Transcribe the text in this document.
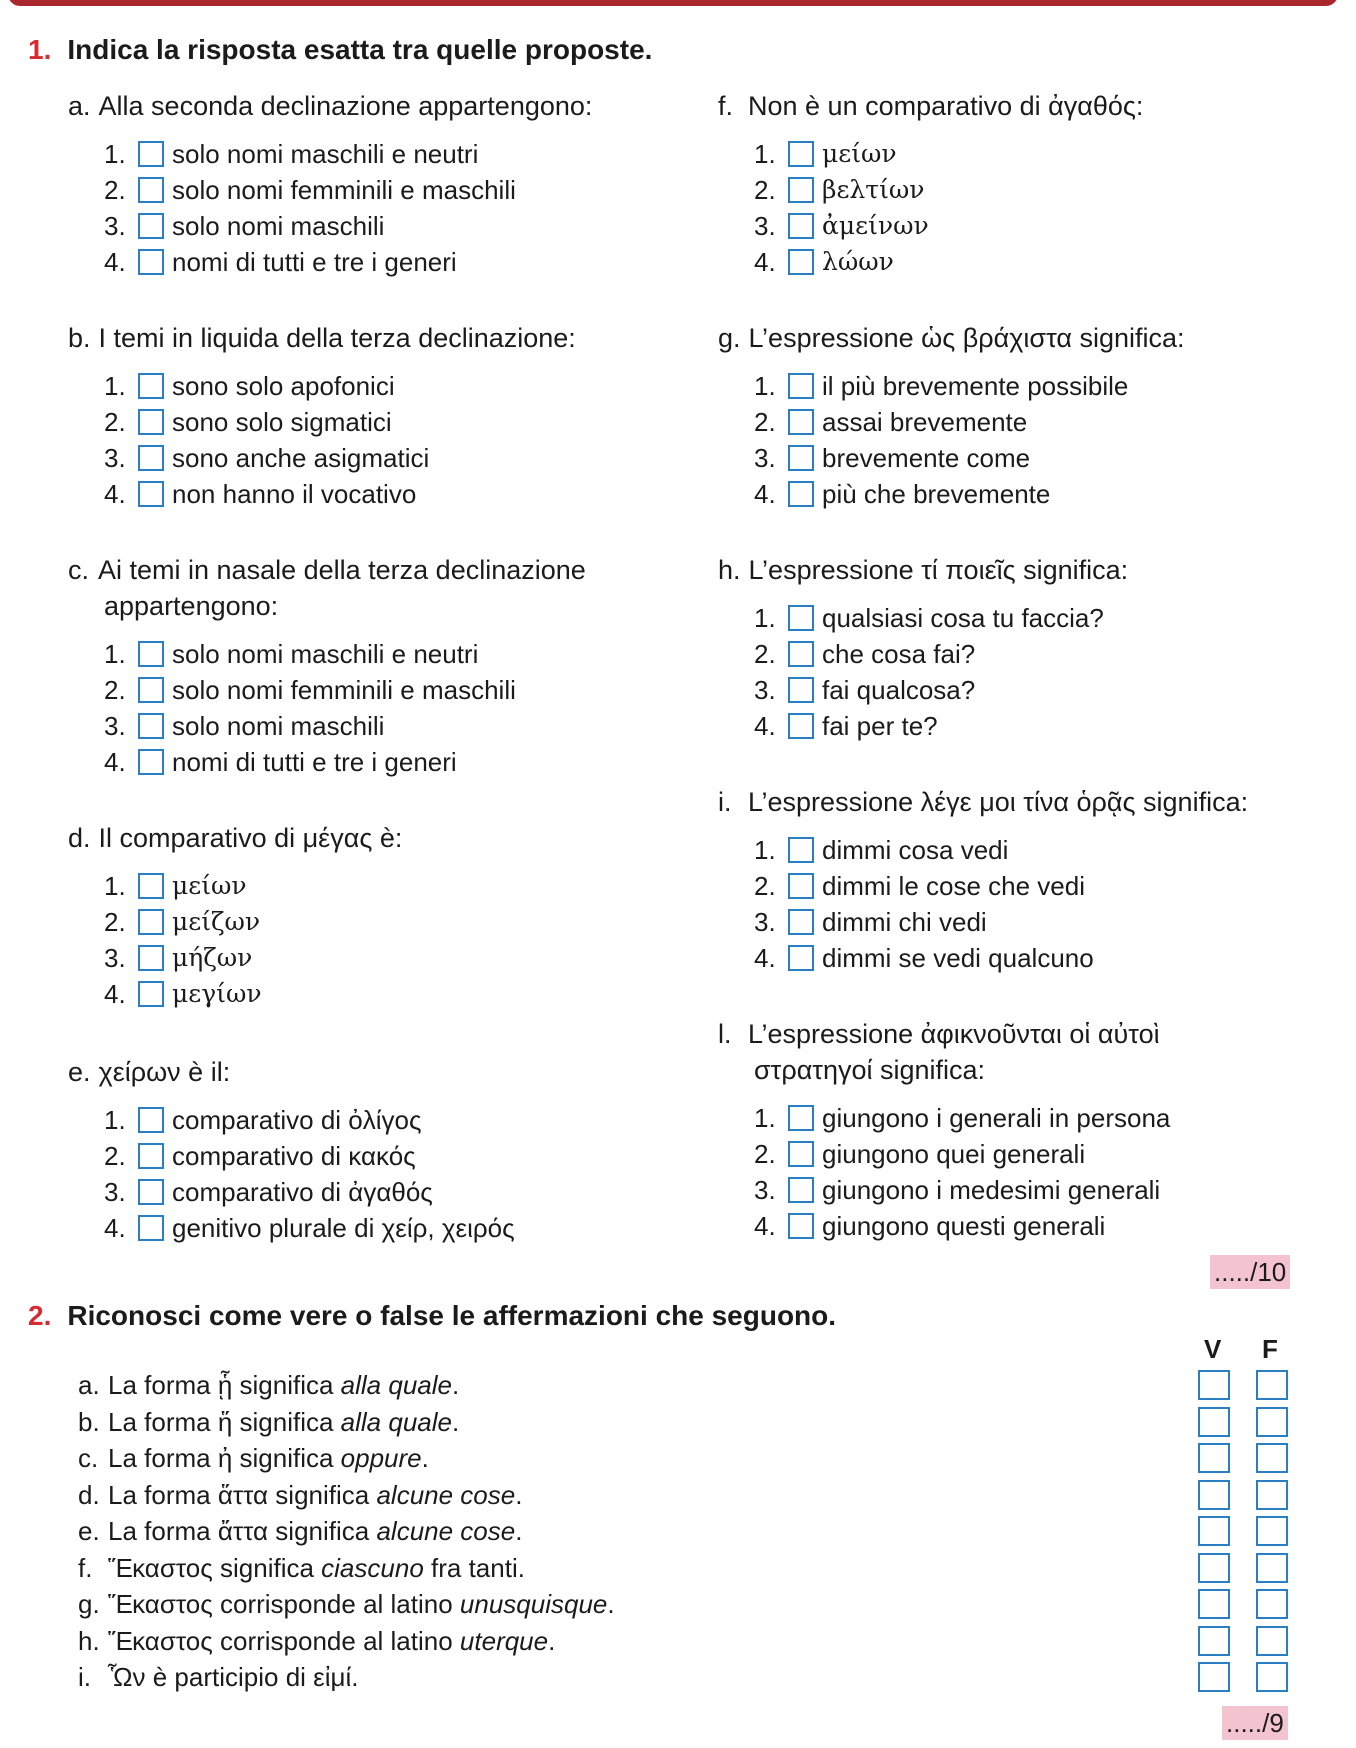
1. Indica la risposta esatta tra quelle proposte.
a. Alla seconda declinazione appartengono:
1.	solo nomi maschili e neutri
2.	solo nomi femminili e maschili
3.	solo nomi maschili
4.	nomi di tutti e tre i generi
b. I temi in liquida della terza declinazione:
1.	sono solo apofonici
2.	sono solo sigmatici
3.	sono anche asigmatici
4.	non hanno il vocativo
c. Ai temi in nasale della terza declinazione
appartengono:
1.	solo nomi maschili e neutri
2.	solo nomi femminili e maschili
3.	solo nomi maschili
4.	nomi di tutti e tre i generi
d. Il comparativo di μέγας è:
1.	μείων
2.	μείζων
3.	μήζων
4.	μεγίων
e. χείρων è il:
1.	comparativo di ὀλίγος
2.	comparativo di κακός
3.	comparativo di ἀγαθός
4.	genitivo plurale di χείρ, χειρός
f. Non è un comparativo di ἀγαθός:
1.	μείων
2.	βελτίων
3.	ἀμείνων
4.	λώων
g. L’espressione ὡς βράχιστα significa:
1.	il più brevemente possibile
2.	assai brevemente
3.	brevemente come
4.	più che brevemente
h. L’espressione τί ποιεῖς significa:
1.	qualsiasi cosa tu faccia?
2.	che cosa fai?
3.	fai qualcosa?
4.	fai per te?
i. L’espressione λέγε μοι τίνα ὁρᾷς significa:
1.	dimmi cosa vedi
2.	dimmi le cose che vedi
3.	dimmi chi vedi
4.	dimmi se vedi qualcuno
l. L’espressione ἀφικνοῦνται οἱ αὐτοὶ
στρατηγοί significa:
1.	giungono i generali in persona
2.	giungono quei generali
3.	giungono i medesimi generali
4.	giungono questi generali
...../10
2. Riconosci come vere o false le affermazioni che seguono.
V F
a. La forma ᾗ significa alla quale.
b. La forma ἥ significa alla quale.
c. La forma ἠ significa oppure.
d. La forma ἅττα significa alcune cose.
e. La forma ἄττα significa alcune cose.
f. Ἕκαστος significa ciascuno fra tanti.
g. Ἕκαστος corrisponde al latino unusquisque.
h. Ἕκαστος corrisponde al latino uterque.
i. Ὧν è participio di εἰμί.
...../9
